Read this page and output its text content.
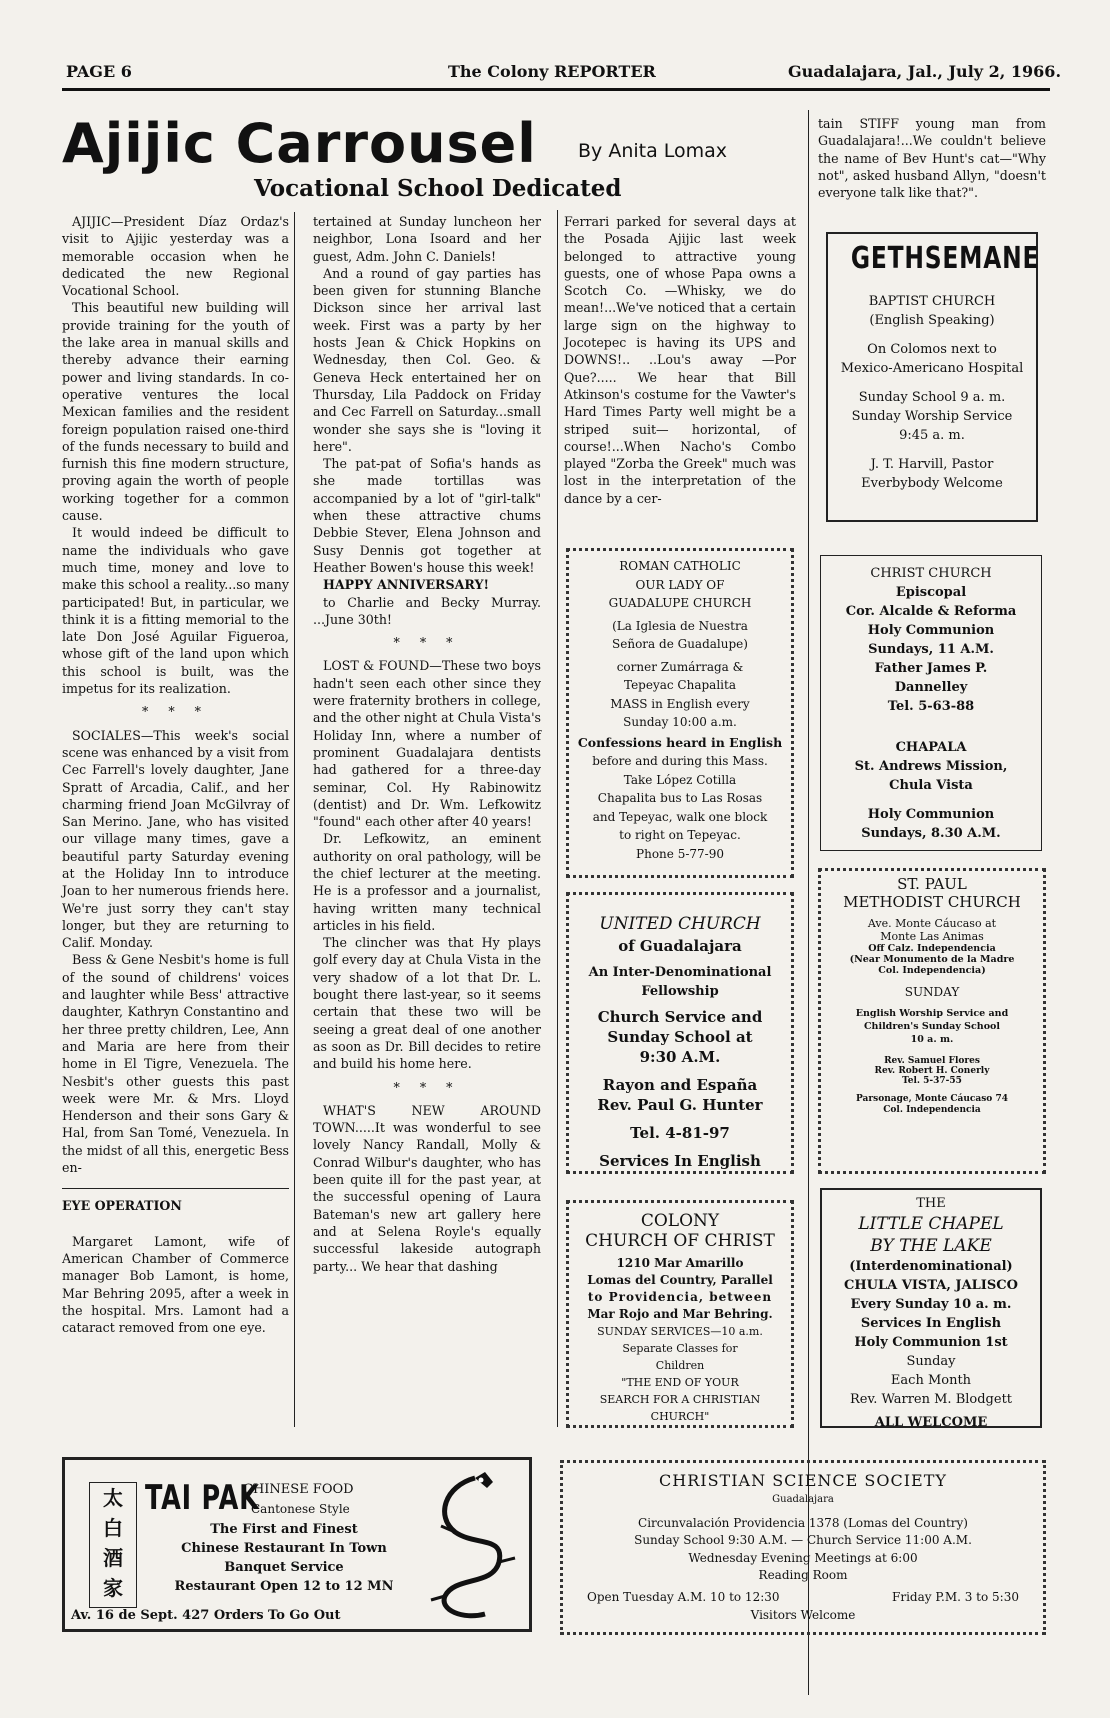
PAGE 6	The Colony REPORTER	Guadalajara, Jal., July 2, 1966.
Ajijic Carrousel By Anita Lomax
Vocational School Dedicated

AJIJIC—President Díaz Ordaz's visit to Ajijic yesterday was a memorable occasion when he dedicated the new Regional Vocational School.

This beautiful new building will provide training for the youth of the lake area in manual skills and thereby advance their earning power and living standards. In co-operative ventures the local Mexican families and the resident foreign population raised one-third of the funds necessary to build and furnish this fine modern structure, proving again the worth of people working together for a common cause.

It would indeed be difficult to name the individuals who gave much time, money and love to make this school a reality...so many participated! But, in particular, we think it is a fitting memorial to the late Don José Aguilar Figueroa, whose gift of the land upon which this school is built, was the impetus for its realization.

* * *

SOCIALES—This week's social scene was enhanced by a visit from Cec Farrell's lovely daughter, Jane Spratt of Arcadia, Calif., and her charming friend Joan McGilvray of San Merino. Jane, who has visited our village many times, gave a beautiful party Saturday evening at the Holiday Inn to introduce Joan to her numerous friends here. We're just sorry they can't stay longer, but they are returning to Calif. Monday.

Bess & Gene Nesbit's home is full of the sound of childrens' voices and laughter while Bess' attractive daughter, Kathryn Constantino and her three pretty children, Lee, Ann and Maria are here from their home in El Tigre, Venezuela. The Nesbit's other guests this past week were Mr. & Mrs. Lloyd Henderson and their sons Gary & Hal, from San Tomé, Venezuela. In the midst of all this, energetic Bess en-

EYE OPERATION

Margaret Lamont, wife of American Chamber of Commerce manager Bob Lamont, is home, Mar Behring 2095, after a week in the hospital. Mrs. Lamont had a cataract removed from one eye.

tertained at Sunday luncheon her neighbor, Lona Isoard and her guest, Adm. John C. Daniels!

And a round of gay parties has been given for stunning Blanche Dickson since her arrival last week. First was a party by her hosts Jean & Chick Hopkins on Wednesday, then Col. Geo. & Geneva Heck entertained her on Thursday, Lila Paddock on Friday and Cec Farrell on Saturday...small wonder she says she is "loving it here".

The pat-pat of Sofia's hands as she made tortillas was accompanied by a lot of "girl-talk" when these attractive chums Debbie Stever, Elena Johnson and Susy Dennis got together at Heather Bowen's house this week!

HAPPY ANNIVERSARY!

to Charlie and Becky Murray. ...June 30th!

* * *

LOST & FOUND—These two boys hadn't seen each other since they were fraternity brothers in college, and the other night at Chula Vista's Holiday Inn, where a number of prominent Guadalajara dentists had gathered for a three-day seminar, Col. Hy Rabinowitz (dentist) and Dr. Wm. Lefkowitz "found" each other after 40 years!

Dr. Lefkowitz, an eminent authority on oral pathology, will be the chief lecturer at the meeting. He is a professor and a journalist, having written many technical articles in his field.

The clincher was that Hy plays golf every day at Chula Vista in the very shadow of a lot that Dr. L. bought there last-year, so it seems certain that these two will be seeing a great deal of one another as soon as Dr. Bill decides to retire and build his home here.

* * *

WHAT'S NEW AROUND TOWN.....It was wonderful to see lovely Nancy Randall, Molly & Conrad Wilbur's daughter, who has been quite ill for the past year, at the successful opening of Laura Bateman's new art gallery here and at Selena Royle's equally successful lakeside autograph party... We hear that dashing

Ferrari parked for several days at the Posada Ajijic last week belonged to attractive young guests, one of whose Papa owns a Scotch Co. —Whisky, we do mean!...We've noticed that a certain large sign on the highway to Jocotepec is having its UPS and DOWNS!.. ..Lou's away —Por Que?..... We hear that Bill Atkinson's costume for the Vawter's Hard Times Party well might be a striped suit— horizontal, of course!...When Nacho's Combo played "Zorba the Greek" much was lost in the interpretation of the dance by a cer-

tain STIFF young man from Guadalajara!...We couldn't believe the name of Bev Hunt's cat—"Why not", asked husband Allyn, "doesn't everyone talk like that?".

GETHSEMANE
BAPTIST CHURCH
(English Speaking)
On Colomos next to
Mexico-Americano Hospital
Sunday School 9 a. m.
Sunday Worship Service
9:45 a. m.
J. T. Harvill, Pastor
Everbybody Welcome
ROMAN CATHOLIC
OUR LADY OF
GUADALUPE CHURCH
(La Iglesia de Nuestra
Señora de Guadalupe)
corner Zumárraga &
Tepeyac Chapalita
MASS in English every
Sunday 10:00 a.m.
Confessions heard in English
before and during this Mass.
Take López Cotilla
Chapalita bus to Las Rosas
and Tepeyac, walk one block
to right on Tepeyac.
Phone 5-77-90
CHRIST CHURCH
Episcopal
Cor. Alcalde & Reforma
Holy Communion
Sundays, 11 A.M.
Father James P.
Dannelley
Tel. 5-63-88
CHAPALA
St. Andrews Mission,
Chula Vista
Holy Communion
Sundays, 8.30 A.M.
UNITED CHURCH
of Guadalajara
An Inter-Denominational
Fellowship
Church Service and
Sunday School at
9:30 A.M.
Rayon and España
Rev. Paul G. Hunter
Tel. 4-81-97
Services In English
ST. PAUL
METHODIST CHURCH
Ave. Monte Cáucaso at
Monte Las Animas
Off Calz. Independencia
(Near Monumento de la Madre
Col. Independencia)
SUNDAY
English Worship Service and
Children's Sunday School
10 a. m.
Rev. Samuel Flores
Rev. Robert H. Conerly
Tel. 5-37-55
Parsonage, Monte Cáucaso 74
Col. Independencia
COLONY
CHURCH OF CHRIST
1210 Mar Amarillo
Lomas del Country, Parallel
to Providencia, between
Mar Rojo and Mar Behring.
SUNDAY SERVICES—10 a.m.
Separate Classes for
Children
"THE END OF YOUR
SEARCH FOR A CHRISTIAN
CHURCH"
THE
LITTLE CHAPEL
BY THE LAKE
(Interdenominational)
CHULA VISTA, JALISCO
Every Sunday 10 a. m.
Services In English
Holy Communion 1st
Sunday
Each Month
Rev. Warren M. Blodgett
ALL WELCOME
太
白
酒
家
TAI PAK
CHINESE FOOD
Cantonese Style
The First and Finest
Chinese Restaurant In Town
Banquet Service
Restaurant Open 12 to 12 MN
Av. 16 de Sept. 427 Orders To Go Out
CHRISTIAN SCIENCE SOCIETY
Guadalajara
Circunvalación Providencia 1378 (Lomas del Country)
Sunday School 9:30 A.M. — Church Service 11:00 A.M.
Wednesday Evening Meetings at 6:00
Reading Room
Open Tuesday A.M. 10 to 12:30	Friday P.M. 3 to 5:30
Visitors Welcome
